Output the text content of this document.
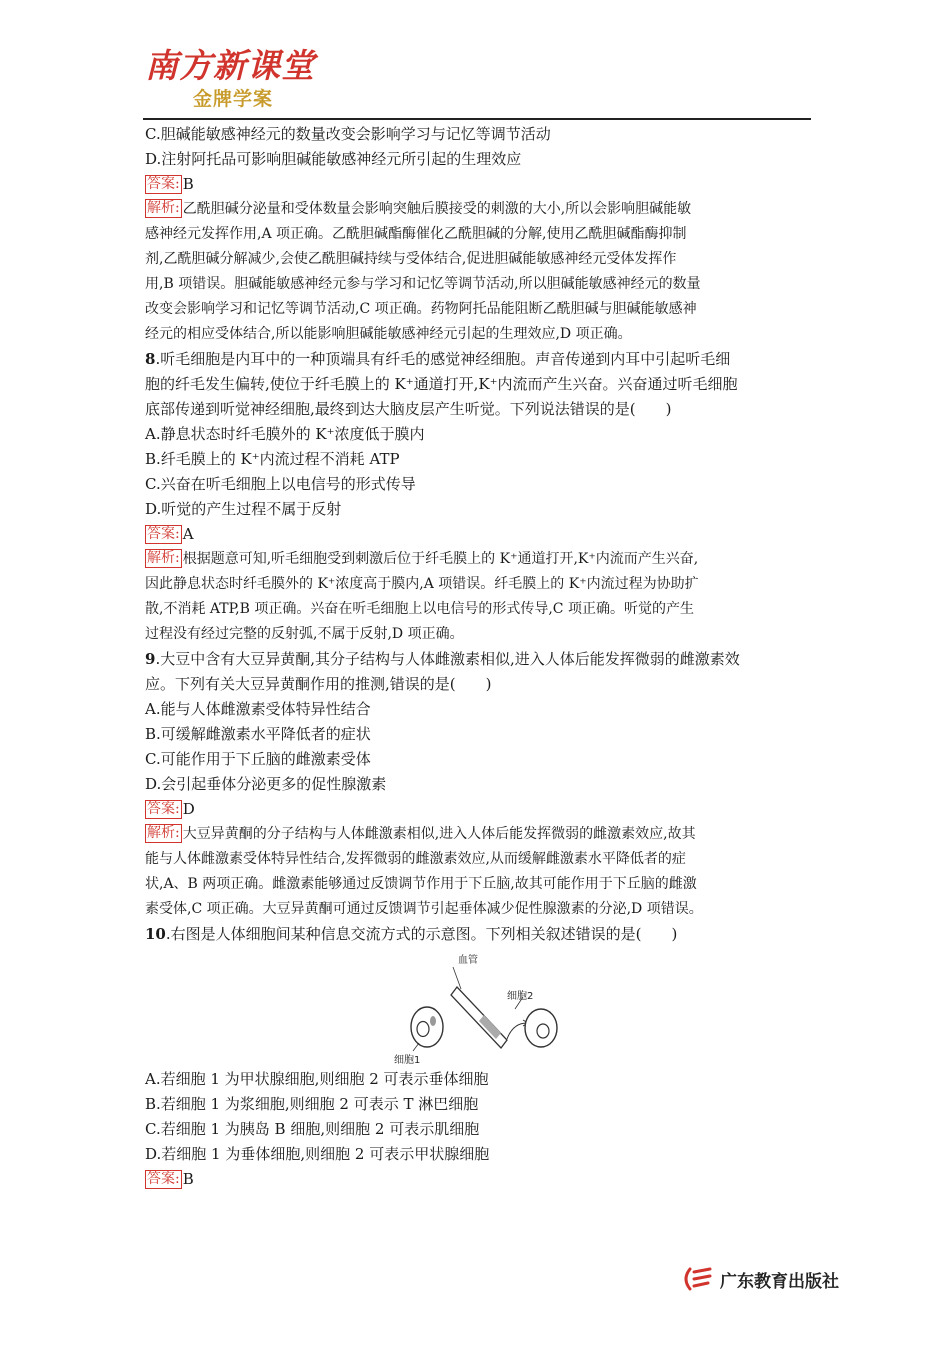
南方新课堂
金牌学案
C.胆碱能敏感神经元的数量改变会影响学习与记忆等调节活动
D.注射阿托品可影响胆碱能敏感神经元所引起的生理效应
答案: B
解析: 乙酰胆碱分泌量和受体数量会影响突触后膜接受的刺激的大小,所以会影响胆碱能敏
感神经元发挥作用,A 项正确。乙酰胆碱酯酶催化乙酰胆碱的分解,使用乙酰胆碱酯酶抑制
剂,乙酰胆碱分解减少,会使乙酰胆碱持续与受体结合,促进胆碱能敏感神经元受体发挥作
用,B 项错误。胆碱能敏感神经元参与学习和记忆等调节活动,所以胆碱能敏感神经元的数量
改变会影响学习和记忆等调节活动,C 项正确。药物阿托品能阻断乙酰胆碱与胆碱能敏感神
经元的相应受体结合,所以能影响胆碱能敏感神经元引起的生理效应,D 项正确。
8.听毛细胞是内耳中的一种顶端具有纤毛的感觉神经细胞。声音传递到内耳中引起听毛细
胞的纤毛发生偏转,使位于纤毛膜上的 K⁺通道打开,K⁺内流而产生兴奋。兴奋通过听毛细胞
底部传递到听觉神经细胞,最终到达大脑皮层产生听觉。下列说法错误的是(　　)
A.静息状态时纤毛膜外的 K⁺浓度低于膜内
B.纤毛膜上的 K⁺内流过程不消耗 ATP
C.兴奋在听毛细胞上以电信号的形式传导
D.听觉的产生过程不属于反射
答案: A
解析: 根据题意可知,听毛细胞受到刺激后位于纤毛膜上的 K⁺通道打开,K⁺内流而产生兴奋,
因此静息状态时纤毛膜外的 K⁺浓度高于膜内,A 项错误。纤毛膜上的 K⁺内流过程为协助扩
散,不消耗 ATP,B 项正确。兴奋在听毛细胞上以电信号的形式传导,C 项正确。听觉的产生
过程没有经过完整的反射弧,不属于反射,D 项正确。
9.大豆中含有大豆异黄酮,其分子结构与人体雌激素相似,进入人体后能发挥微弱的雌激素效
应。下列有关大豆异黄酮作用的推测,错误的是(　　)
A.能与人体雌激素受体特异性结合
B.可缓解雌激素水平降低者的症状
C.可能作用于下丘脑的雌激素受体
D.会引起垂体分泌更多的促性腺激素
答案: D
解析: 大豆异黄酮的分子结构与人体雌激素相似,进入人体后能发挥微弱的雌激素效应,故其
能与人体雌激素受体特异性结合,发挥微弱的雌激素效应,从而缓解雌激素水平降低者的症
状,A、B 两项正确。雌激素能够通过反馈调节作用于下丘脑,故其可能作用于下丘脑的雌激
素受体,C 项正确。大豆异黄酮可通过反馈调节引起垂体减少促性腺激素的分泌,D 项错误。
10.右图是人体细胞间某种信息交流方式的示意图。下列相关叙述错误的是(　　)
血管
细胞2
细胞1
A.若细胞 1 为甲状腺细胞,则细胞 2 可表示垂体细胞
B.若细胞 1 为浆细胞,则细胞 2 可表示 T 淋巴细胞
C.若细胞 1 为胰岛 B 细胞,则细胞 2 可表示肌细胞
D.若细胞 1 为垂体细胞,则细胞 2 可表示甲状腺细胞
答案: B
广东教育出版社
